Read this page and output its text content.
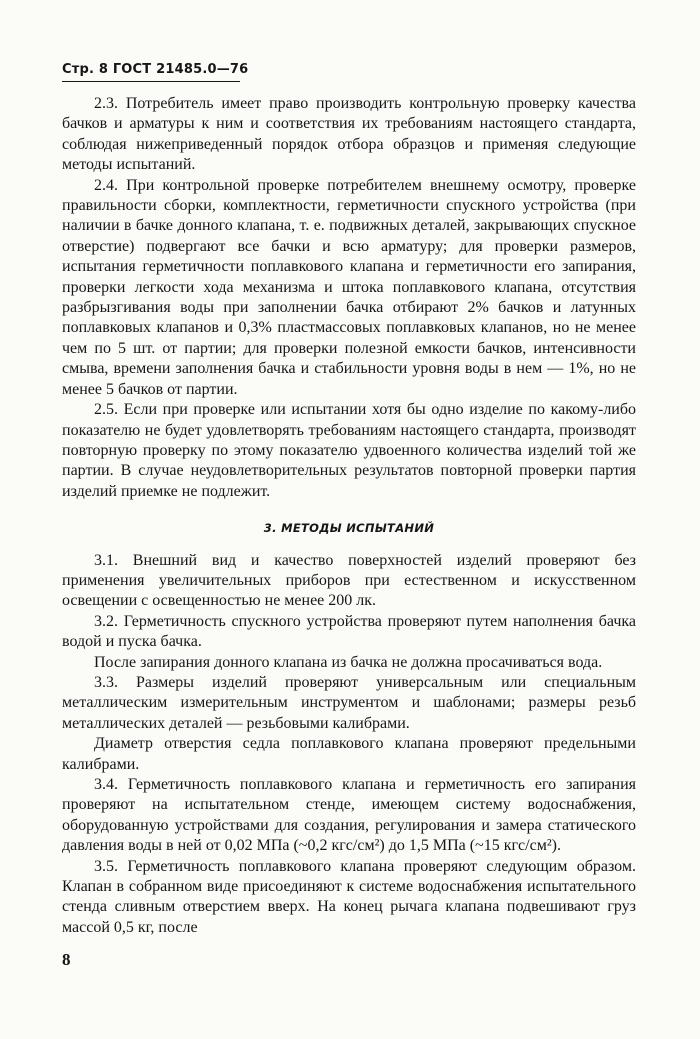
Стр. 8 ГОСТ 21485.0—76

2.3. Потребитель имеет право производить контрольную проверку качества бачков и арматуры к ним и соответствия их требованиям настоящего стандарта, соблюдая нижеприведенный порядок отбора образцов и применяя следующие методы испытаний.

2.4. При контрольной проверке потребителем внешнему осмотру, проверке правильности сборки, комплектности, герметичности спускного устройства (при наличии в бачке донного клапана, т. е. подвижных деталей, закрывающих спускное отверстие) подвергают все бачки и всю арматуру; для проверки размеров, испытания герметичности поплавкового клапана и герметичности его запирания, проверки легкости хода механизма и штока поплавкового клапана, отсутствия разбрызгивания воды при заполнении бачка отбирают 2% бачков и латунных поплавковых клапанов и 0,3% пластмассовых поплавковых клапанов, но не менее чем по 5 шт. от партии; для проверки полезной емкости бачков, интенсивности смыва, времени заполнения бачка и стабильности уровня воды в нем — 1%, но не менее 5 бачков от партии.

2.5. Если при проверке или испытании хотя бы одно изделие по какому-либо показателю не будет удовлетворять требованиям настоящего стандарта, производят повторную проверку по этому показателю удвоенного количества изделий той же партии. В случае неудовлетворительных результатов повторной проверки партия изделий приемке не подлежит.

3. МЕТОДЫ ИСПЫТАНИЙ

3.1. Внешний вид и качество поверхностей изделий проверяют без применения увеличительных приборов при естественном и искусственном освещении с освещенностью не менее 200 лк.

3.2. Герметичность спускного устройства проверяют путем наполнения бачка водой и пуска бачка.

После запирания донного клапана из бачка не должна просачиваться вода.

3.3. Размеры изделий проверяют универсальным или специальным металлическим измерительным инструментом и шаблонами; размеры резьб металлических деталей — резьбовыми калибрами.

Диаметр отверстия седла поплавкового клапана проверяют предельными калибрами.

3.4. Герметичность поплавкового клапана и герметичность его запирания проверяют на испытательном стенде, имеющем систему водоснабжения, оборудованную устройствами для создания, регулирования и замера статического давления воды в ней от 0,02 МПа (~0,2 кгс/см²) до 1,5 МПа (~15 кгс/см²).

3.5. Герметичность поплавкового клапана проверяют следующим образом. Клапан в собранном виде присоединяют к системе водоснабжения испытательного стенда сливным отверстием вверх. На конец рычага клапана подвешивают груз массой 0,5 кг, после

8
